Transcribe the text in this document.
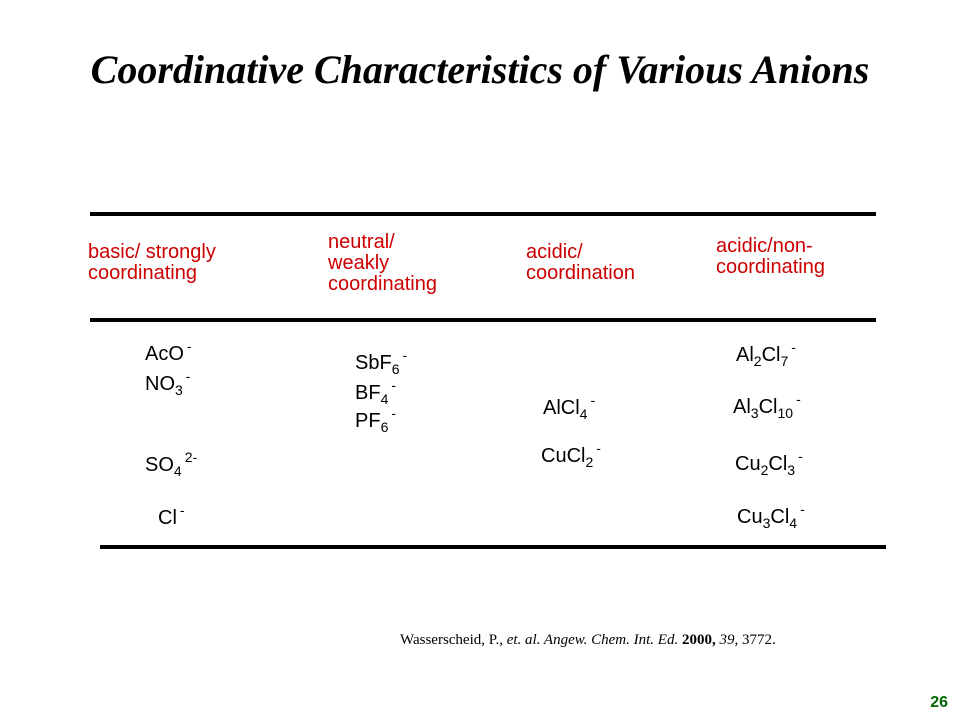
Coordinative Characteristics of Various Anions
basic/ strongly
coordinating
neutral/
weakly
coordinating
acidic/
coordination
acidic/non-
coordinating
AcO -
$NO_3^-$
$SO_4^{2-}$
Cl -
SbF$_6$-
$BF_4^-$
$PF_6^-$	AlCl$_4$-
CuCl$_2$-
$Al_2Cl_7^-$
$Al_3Cl_{10}^-$
$Cu_2Cl_3^-$
$Cu_3Cl_4^-$
Wasserscheid, P., et. al. Angew. Chem. Int. Ed. 2000, 39, 3772.
26
